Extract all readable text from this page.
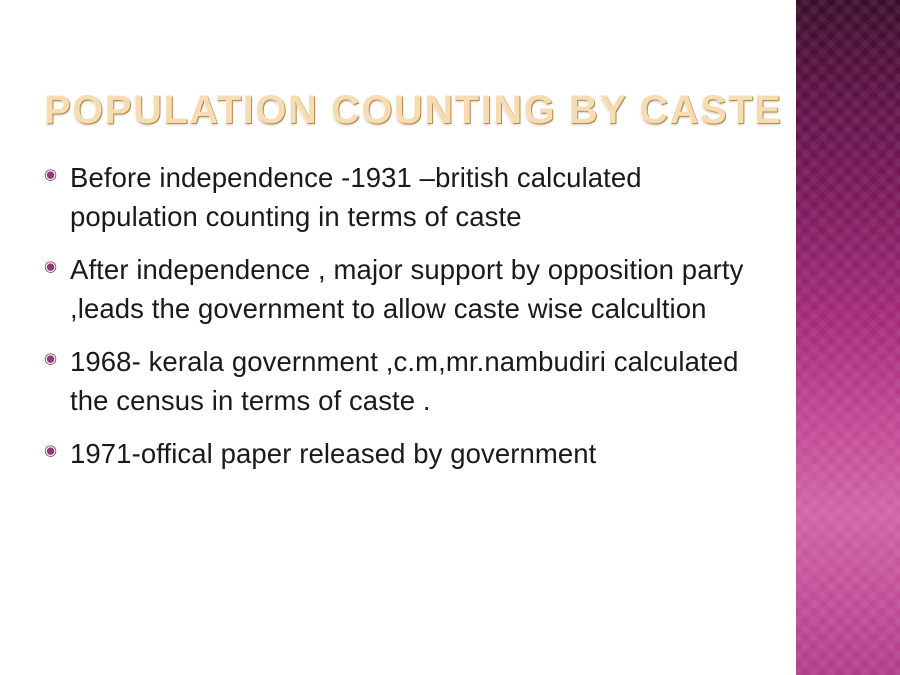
POPULATION COUNTING BY CASTE
◉ Before independence -1931 –british calculated population counting in terms of caste
◉ After independence , major support by opposition party ,leads the government to allow caste wise calcultion
◉ 1968- kerala government ,c.m,mr.nambudiri calculated the census in terms of caste .
◉ 1971-offical paper released by government
